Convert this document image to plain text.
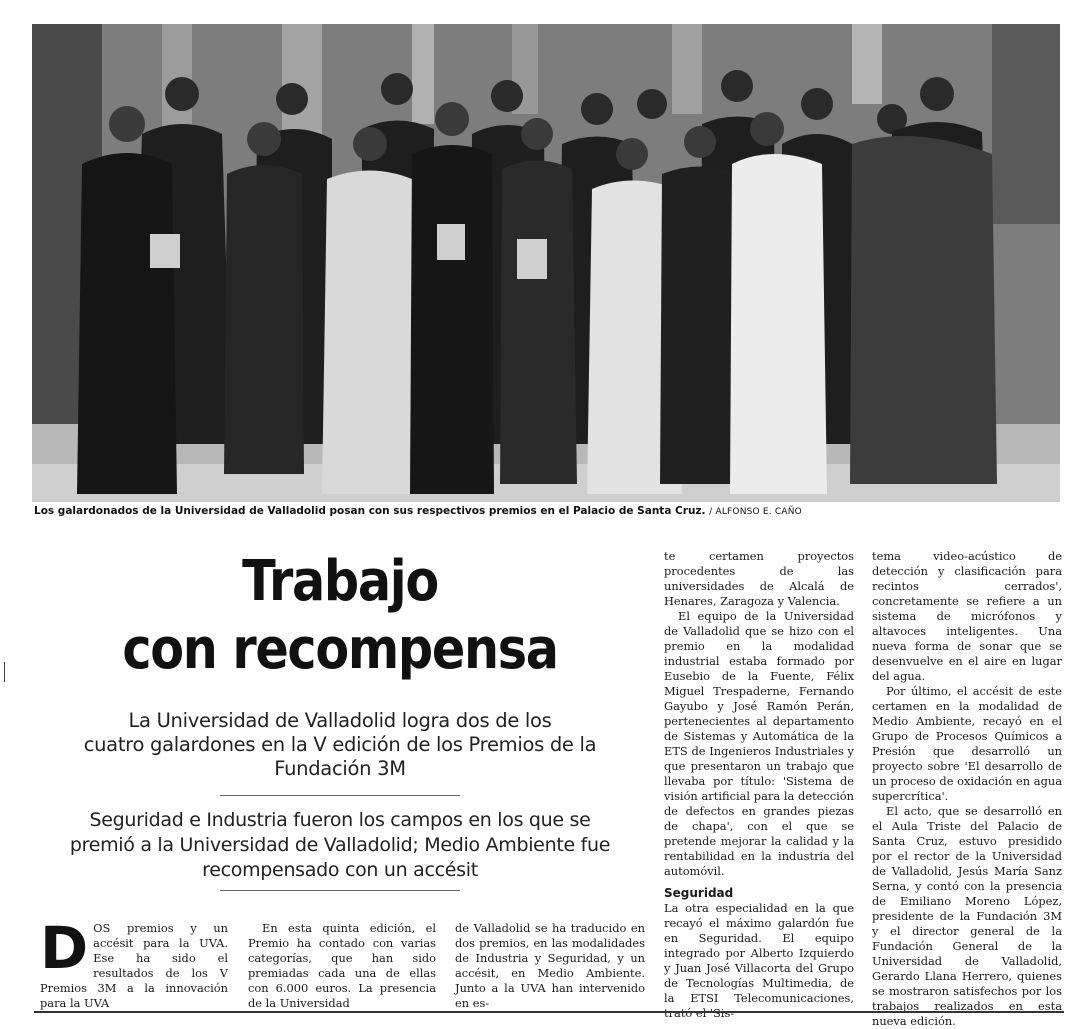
Los galardonados de la Universidad de Valladolid posan con sus respectivos premios en el Palacio de Santa Cruz. / ALFONSO E. CAÑO
Trabajo
con recompensa
La Universidad de Valladolid logra dos de los
cuatro galardones en la V edición de los Premios de la
Fundación 3M
Seguridad e Industria fueron los campos en los que se
premió a la Universidad de Valladolid; Medio Ambiente fue
recompensado con un accésit
D OS premios y un accésit para la UVA. Ese ha sido el resultados de los V Premios 3M a la innovación para la UVA

En esta quinta edición, el Premio ha contado con varias categorías, que han sido premiadas cada una de ellas con 6.000 euros. La presencia de la Universidad

de Valladolid se ha traducido en dos premios, en las modalidades de Industria y Seguridad, y un accésit, en Medio Ambiente. Junto a la UVA han intervenido en es-

te certamen proyectos procedentes de las universidades de Alcalá de Henares, Zaragoza y Valencia.

El equipo de la Universidad de Valladolid que se hizo con el premio en la modalidad industrial estaba formado por Eusebio de la Fuente, Félix Miguel Trespaderne, Fernando Gayubo y José Ramón Perán, pertenecientes al departamento de Sistemas y Automática de la ETS de Ingenieros Industriales y que presentaron un trabajo que llevaba por título: 'Sistema de visión artificial para la detección de defectos en grandes piezas de chapa', con el que se pretende mejorar la calidad y la rentabilidad en la industria del automóvil.

Seguridad

La otra especialidad en la que recayó el máximo galardón fue en Seguridad. El equipo integrado por Alberto Izquierdo y Juan José Villacorta del Grupo de Tecnologías Multimedia, de la ETSI Telecomunicaciones, trató el 'Sis-

tema video-acústico de detección y clasificación para recintos cerrados', concretamente se refiere a un sistema de micrófonos y altavoces inteligentes. Una nueva forma de sonar que se desenvuelve en el aire en lugar del agua.

Por último, el accésit de este certamen en la modalidad de Medio Ambiente, recayó en el Grupo de Procesos Químicos a Presión que desarrolló un proyecto sobre 'El desarrollo de un proceso de oxidación en agua supercrítica'.

El acto, que se desarrolló en el Aula Triste del Palacio de Santa Cruz, estuvo presidido por el rector de la Universidad de Valladolid, Jesús María Sanz Serna, y contó con la presencia de Emiliano Moreno López, presidente de la Fundación 3M y el director general de la Fundación General de la Universidad de Valladolid, Gerardo Llana Herrero, quienes se mostraron satisfechos por los trabajos realizados en esta nueva edición.
